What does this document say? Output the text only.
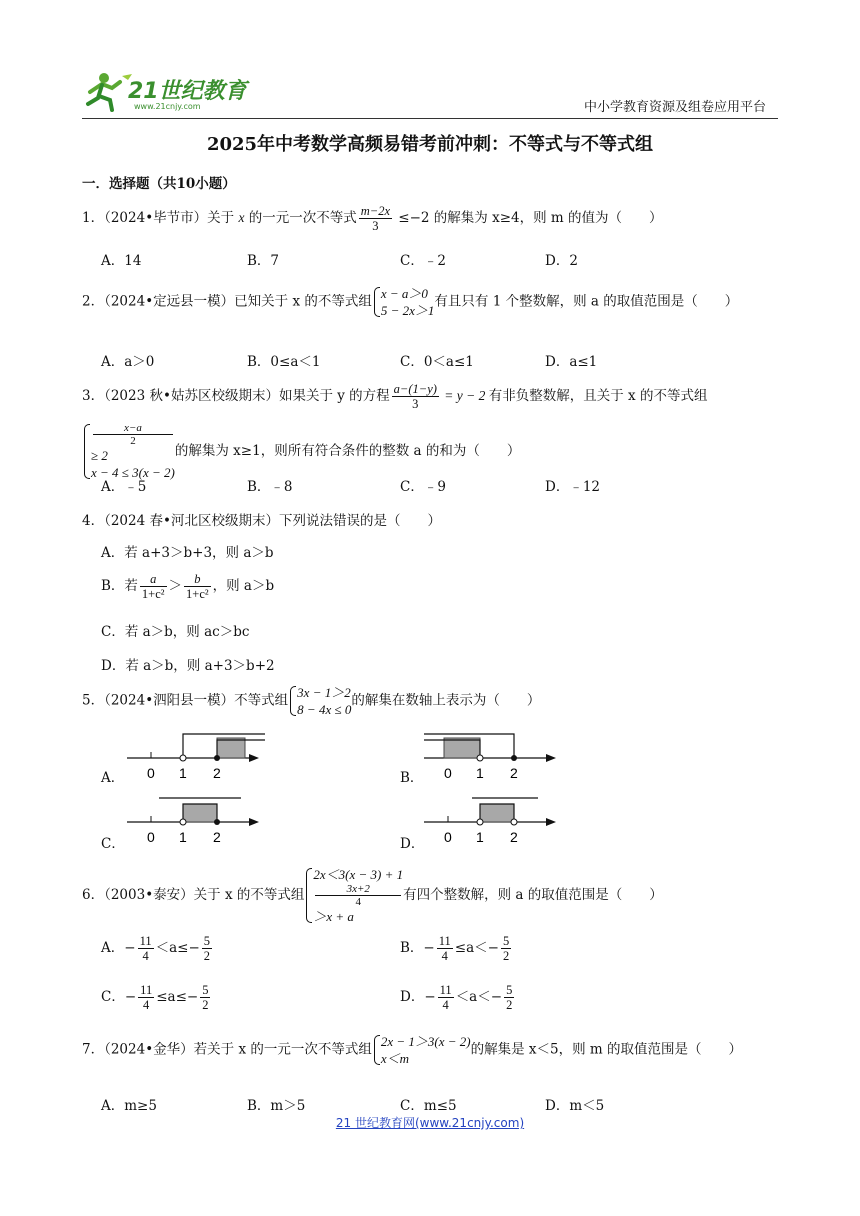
21世纪教育
www.21cnjy.com	中小学教育资源及组卷应用平台
2025年中考数学高频易错考前冲刺：不等式与不等式组
一．选择题（共10小题）
1．（2024•毕节市）关于 x 的一元一次不等式 $\frac{m-2x}{3} \le-2$ 的解集为 x≥4，则 m 的值为（　　）
A．14	B．7	C．﹣2	D．2
2．（2024•定远县一模）已知关于 x 的不等式组 x − a＞0
5 − 2x＞1
有且只有 1 个整数解，则 a 的取值范围是（　　）
A．a＞0	B．0≤a＜1	C．0＜a≤1	D．a≤1
3．（2023 秋•姑苏区校级期末）如果关于 y 的方程 $\frac{a-(1-y)}{3} = y - 2$ 有非负整数解，且关于 x 的不等式组
x−a
2
≥ 2
x − 4 ≤ 3(x − 2)
的解集为 x≥1，则所有符合条件的整数 a 的和为（　　）
A．﹣5	B．﹣8	C．﹣9	D．﹣12
4．（2024 春•河北区校级期末）下列说法错误的是（　　）
A．若 a+3＞b+3，则 a＞b
B．若 $\frac{a}{\text{1+c²}} > \frac{b}{\text{1+c²}}$ ，则 a＞b
C．若 a＞b，则 ac＞bc
D．若 a＞b，则 a+3＞b+2
5．（2024•泗阳县一模）不等式组 3x − 1＞2
8 − 4x ≤ 0
的解集在数轴上表示为（　　）
A． 0 1 2	B． 0 1 2
C． 0 1 2	D． 0 1 2
6．（2003•泰安）关于 x 的不等式组
2x＜3(x − 3) + 1
3x+2
4
＞x + a
有四个整数解，则 a 的取值范围是（　　）
A．− $\frac{11}{4} <a\le- \frac{5}{2}$	B．− $\frac{11}{4} \le a<- \frac{5}{2}$
C．− $\frac{11}{4} \le a\le- \frac{5}{2}$	D．− $\frac{11}{4} <a<- \frac{5}{2}$
7．（2024•金华）若关于 x 的一元一次不等式组 2x − 1＞3(x − 2)
x＜m
的解集是 x＜5，则 m 的取值范围是（　　）
A．m≥5	B．m＞5	C．m≤5	D．m＜5
21 世纪教育网(www.21cnjy.com)
